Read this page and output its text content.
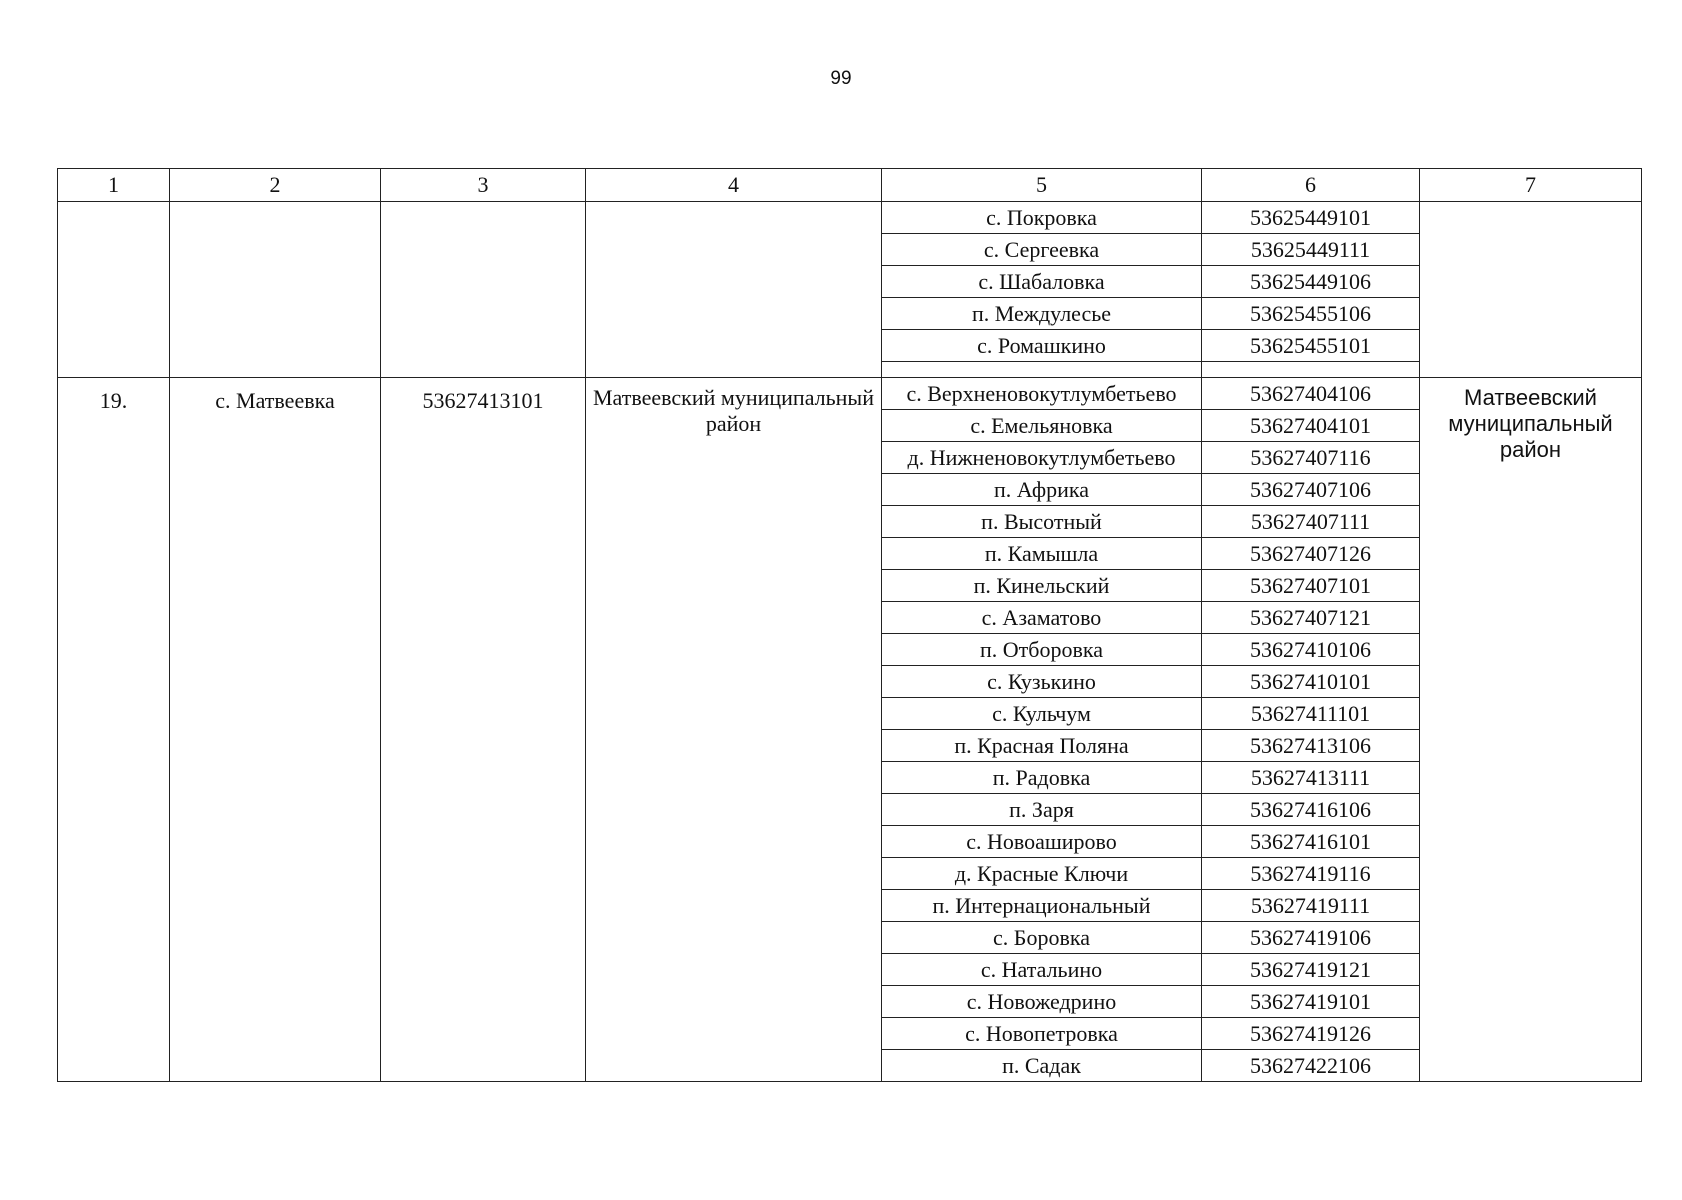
99
1	2	3	4	5	6	7
				с. Покровка	53625449101	
				с. Сергеевка	53625449111	
				с. Шабаловка	53625449106	
				п. Междулесье	53625455106	
				с. Ромашкино	53625455101	

19.	с. Матвеевка	53627413101	Матвеевский муниципальный район	с. Верхненовокутлумбетьево	53627404106	Матвеевский муниципальный район
				с. Емельяновка	53627404101	
				д. Нижненовокутлумбетьево	53627407116	
				п. Африка	53627407106	
				п. Высотный	53627407111	
				п. Камышла	53627407126	
				п. Кинельский	53627407101	
				с. Азаматово	53627407121	
				п. Отборовка	53627410106	
				с. Кузькино	53627410101	
				с. Кульчум	53627411101	
				п. Красная Поляна	53627413106	
				п. Радовка	53627413111	
				п. Заря	53627416106	
				с. Новоаширово	53627416101	
				д. Красные Ключи	53627419116	
				п. Интернациональный	53627419111	
				с. Боровка	53627419106	
				с. Натальино	53627419121	
				с. Новожедрино	53627419101	
				с. Новопетровка	53627419126	
				п. Садак	53627422106	
